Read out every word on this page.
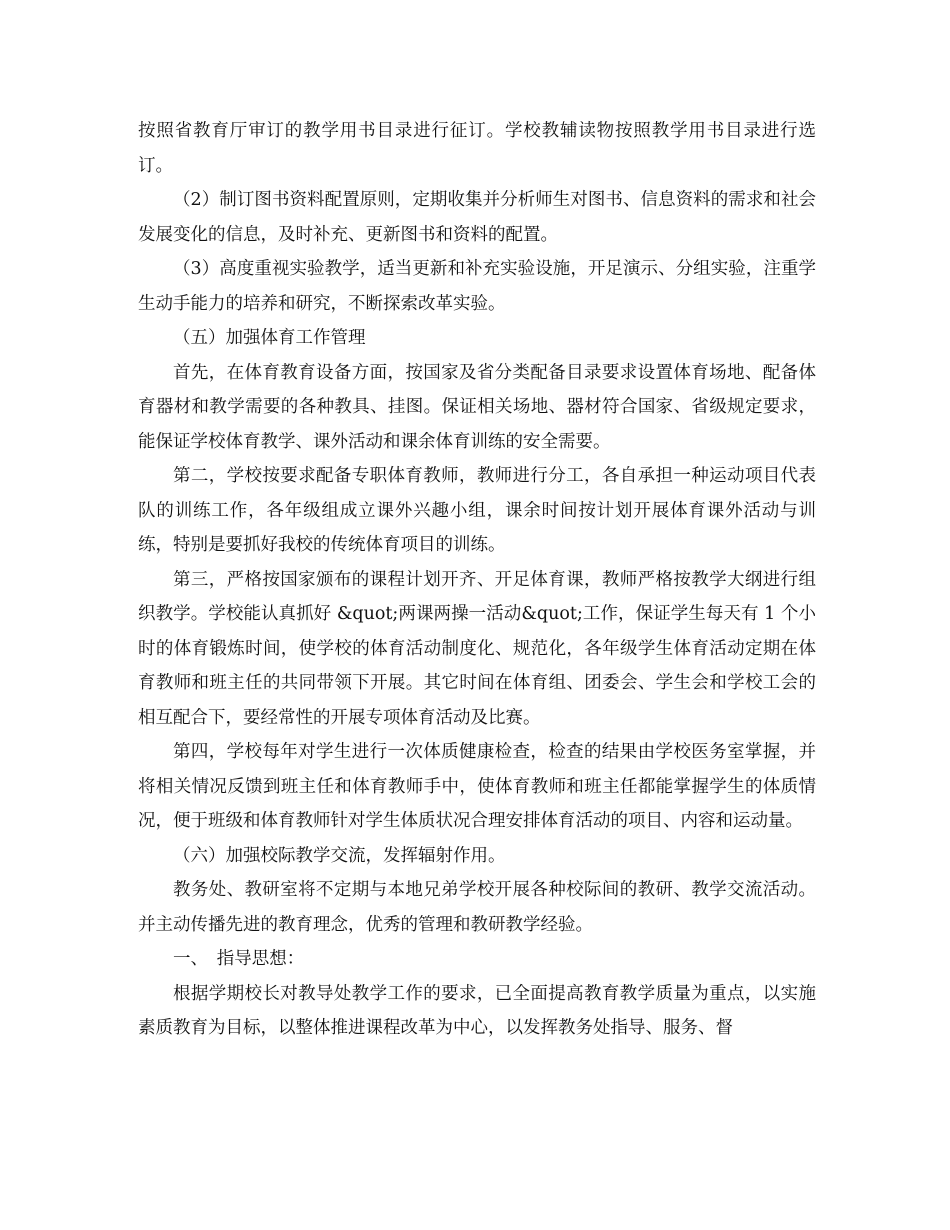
按照省教育厅审订的教学用书目录进行征订。学校教辅读物按照教学用书目录进行选订。

（2）制订图书资料配置原则，定期收集并分析师生对图书、信息资料的需求和社会发展变化的信息，及时补充、更新图书和资料的配置。

（3）高度重视实验教学，适当更新和补充实验设施，开足演示、分组实验，注重学生动手能力的培养和研究，不断探索改革实验。

（五）加强体育工作管理

首先，在体育教育设备方面，按国家及省分类配备目录要求设置体育场地、配备体育器材和教学需要的各种教具、挂图。保证相关场地、器材符合国家、省级规定要求，能保证学校体育教学、课外活动和课余体育训练的安全需要。

第二，学校按要求配备专职体育教师，教师进行分工，各自承担一种运动项目代表队的训练工作，各年级组成立课外兴趣小组，课余时间按计划开展体育课外活动与训练，特别是要抓好我校的传统体育项目的训练。

第三，严格按国家颁布的课程计划开齐、开足体育课，教师严格按教学大纲进行组织教学。学校能认真抓好 &quot;两课两操一活动&quot;工作，保证学生每天有 1 个小时的体育锻炼时间，使学校的体育活动制度化、规范化，各年级学生体育活动定期在体育教师和班主任的共同带领下开展。其它时间在体育组、团委会、学生会和学校工会的相互配合下，要经常性的开展专项体育活动及比赛。

第四，学校每年对学生进行一次体质健康检查，检查的结果由学校医务室掌握，并将相关情况反馈到班主任和体育教师手中，使体育教师和班主任都能掌握学生的体质情况，便于班级和体育教师针对学生体质状况合理安排体育活动的项目、内容和运动量。

（六）加强校际教学交流，发挥辐射作用。

教务处、教研室将不定期与本地兄弟学校开展各种校际间的教研、教学交流活动。并主动传播先进的教育理念，优秀的管理和教研教学经验。

一、　指导思想：

根据学期校长对教导处教学工作的要求，已全面提高教育教学质量为重点，以实施素质教育为目标，以整体推进课程改革为中心，以发挥教务处指导、服务、督
